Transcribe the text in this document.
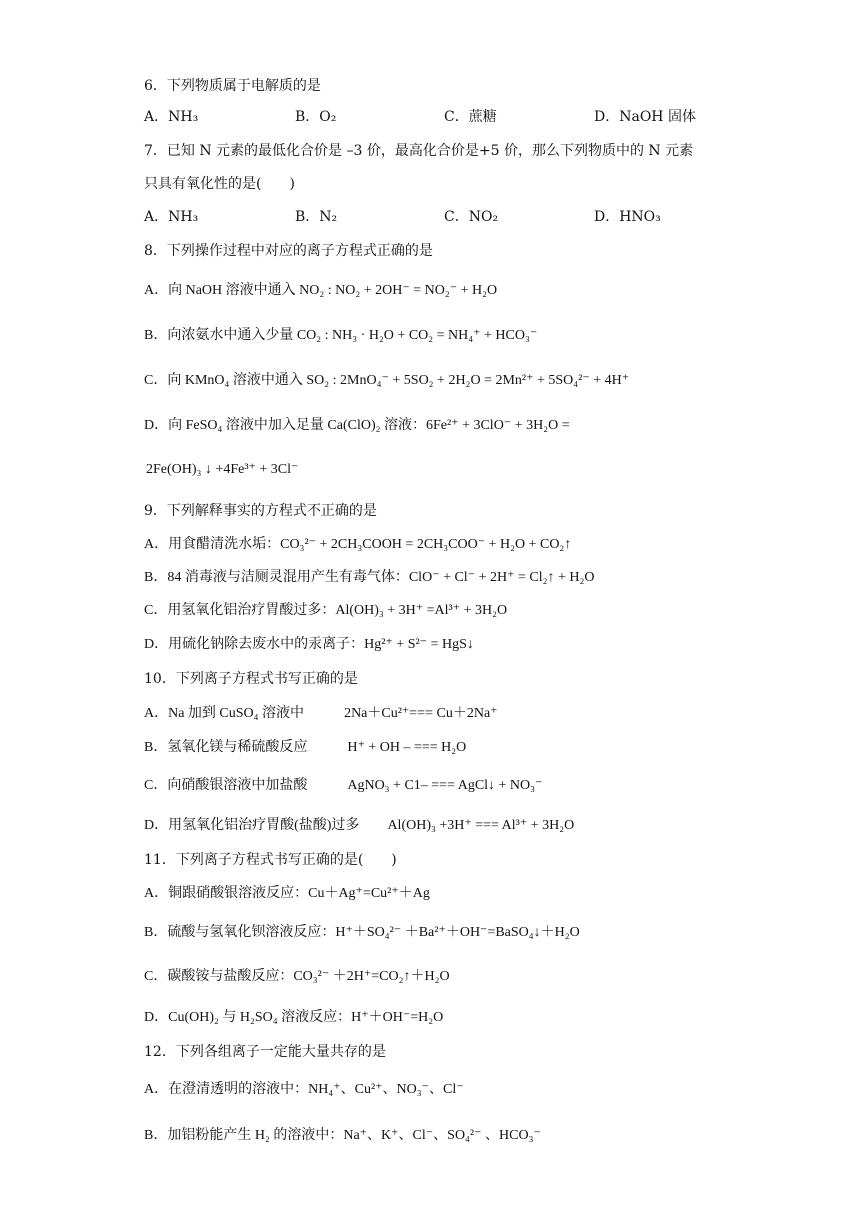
6．下列物质属于电解质的是
A．NH₃	B．O₂	C．蔗糖	D．NaOH 固体
7．已知 N 元素的最低化合价是 –3 价，最高化合价是+5 价，那么下列物质中的 N 元素
只具有氧化性的是(　　)
A．NH₃	B．N₂	C．NO₂	D．HNO₃
8．下列操作过程中对应的离子方程式正确的是
A．向 NaOH 溶液中通入 NO₂ : NO₂ + 2OH⁻ = NO₂⁻ + H₂O
B．向浓氨水中通入少量 CO₂ : NH₃ · H₂O + CO₂ = NH₄⁺ + HCO₃⁻
C．向 KMnO₄ 溶液中通入 SO₂ : 2MnO₄⁻ + 5SO₂ + 2H₂O = 2Mn²⁺ + 5SO₄²⁻ + 4H⁺
D．向 FeSO₄ 溶液中加入足量 Ca(ClO)₂ 溶液：6Fe²⁺ + 3ClO⁻ + 3H₂O =
2Fe(OH)₃ ↓ +4Fe³⁺ + 3Cl⁻
9．下列解释事实的方程式不正确的是
A．用食醋清洗水垢：CO₃²⁻ + 2CH₃COOH = 2CH₃COO⁻ + H₂O + CO₂↑
B．84 消毒液与洁厕灵混用产生有毒气体：ClO⁻ + Cl⁻ + 2H⁺ = Cl₂↑ + H₂O
C．用氢氧化铝治疗胃酸过多：Al(OH)₃ + 3H⁺ =Al³⁺ + 3H₂O
D．用硫化钠除去废水中的汞离子：Hg²⁺ + S²⁻ = HgS↓
10．下列离子方程式书写正确的是
A．Na 加到 CuSO₄ 溶液中	2Na＋Cu²⁺=== Cu＋2Na⁺
B．氢氧化镁与稀硫酸反应	H⁺ + OH – === H₂O
C．向硝酸银溶液中加盐酸	AgNO₃ + C1– === AgCl↓ + NO₃⁻
D．用氢氧化铝治疗胃酸(盐酸)过多 Al(OH)₃ +3H⁺ === Al³⁺ + 3H₂O
11．下列离子方程式书写正确的是(　　)
A．铜跟硝酸银溶液反应：Cu＋Ag⁺=Cu²⁺＋Ag
B．硫酸与氢氧化钡溶液反应：H⁺＋SO₄²⁻ ＋Ba²⁺＋OH⁻=BaSO₄↓＋H₂O
C．碳酸铵与盐酸反应：CO₃²⁻ ＋2H⁺=CO₂↑＋H₂O
D．Cu(OH)₂ 与 H₂SO₄ 溶液反应：H⁺＋OH⁻=H₂O
12．下列各组离子一定能大量共存的是
A．在澄清透明的溶液中：NH₄⁺、Cu²⁺、NO₃⁻、Cl⁻
B．加铝粉能产生 H₂ 的溶液中：Na⁺、K⁺、Cl⁻、SO₄²⁻ 、HCO₃⁻
